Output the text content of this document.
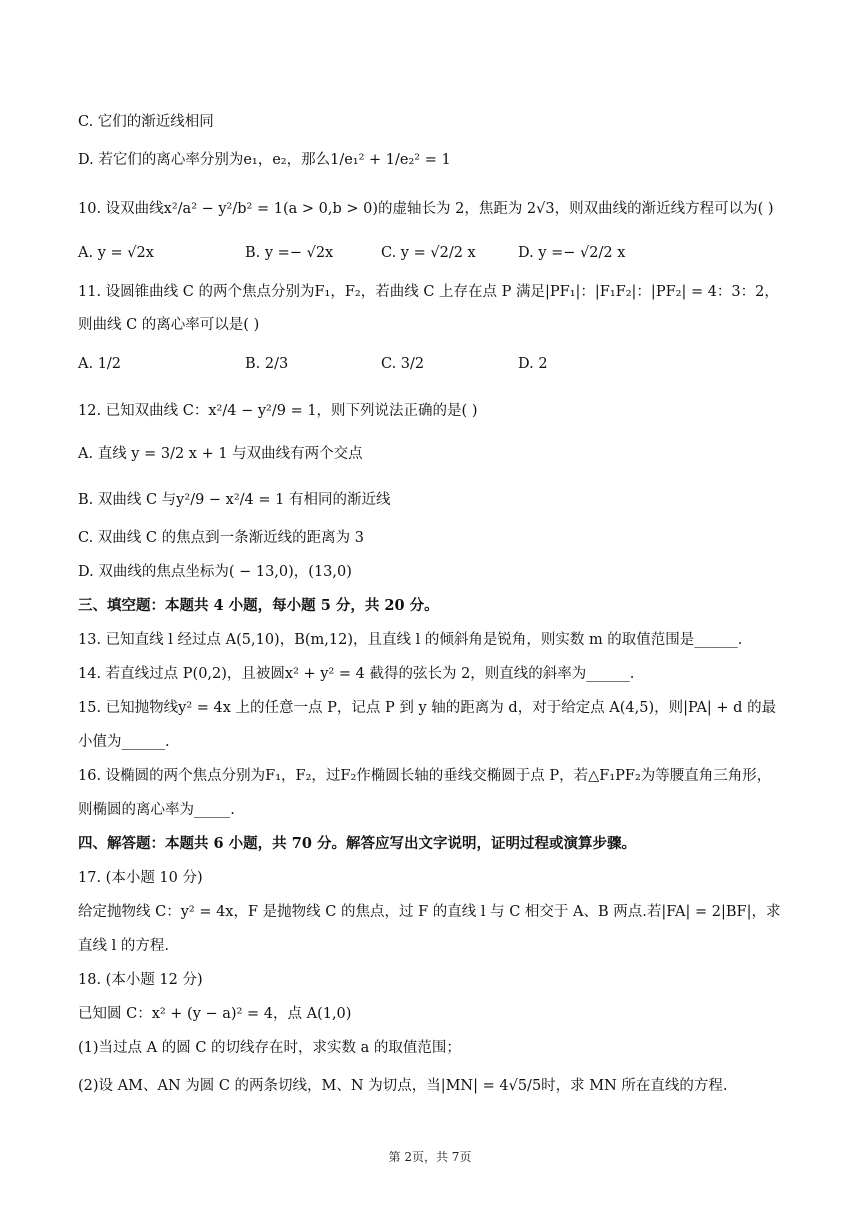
C. 它们的渐近线相同
D. 若它们的离心率分别为e₁，e₂，那么1/e₁² + 1/e₂² = 1
10. 设双曲线x²/a² − y²/b² = 1(a > 0,b > 0)的虚轴长为 2，焦距为 2√3，则双曲线的渐近线方程可以为( )
A. y = √2x	B. y =− √2x	C. y = √2/2 x	D. y =− √2/2 x
11. 设圆锥曲线 C 的两个焦点分别为F₁，F₂，若曲线 C 上存在点 P 满足|PF₁|：|F₁F₂|：|PF₂| = 4：3：2，
则曲线 C 的离心率可以是( )
A. 1/2	B. 2/3	C. 3/2	D. 2
12. 已知双曲线 C：x²/4 − y²/9 = 1，则下列说法正确的是( )
A. 直线 y = 3/2 x + 1 与双曲线有两个交点
B. 双曲线 C 与y²/9 − x²/4 = 1 有相同的渐近线
C. 双曲线 C 的焦点到一条渐近线的距离为 3
D. 双曲线的焦点坐标为( − 13,0)，(13,0)
三、填空题：本题共 4 小题，每小题 5 分，共 20 分。
13. 已知直线 l 经过点 A(5,10)，B(m,12)，且直线 l 的倾斜角是锐角，则实数 m 的取值范围是______.
14. 若直线过点 P(0,2)，且被圆x² + y² = 4 截得的弦长为 2，则直线的斜率为______.
15. 已知抛物线y² = 4x 上的任意一点 P，记点 P 到 y 轴的距离为 d，对于给定点 A(4,5)，则|PA| + d 的最
小值为______.
16. 设椭圆的两个焦点分别为F₁，F₂，过F₂作椭圆长轴的垂线交椭圆于点 P，若△F₁PF₂为等腰直角三角形，
则椭圆的离心率为_____.
四、解答题：本题共 6 小题，共 70 分。解答应写出文字说明，证明过程或演算步骤。
17. (本小题 10 分)
给定抛物线 C：y² = 4x，F 是抛物线 C 的焦点，过 F 的直线 l 与 C 相交于 A、B 两点.若|FA| = 2|BF|，求
直线 l 的方程.
18. (本小题 12 分)
已知圆 C：x² + (y − a)² = 4，点 A(1,0)
(1)当过点 A 的圆 C 的切线存在时，求实数 a 的取值范围；
(2)设 AM、AN 为圆 C 的两条切线，M、N 为切点，当|MN| = 4√5/5时，求 MN 所在直线的方程.
第 2页，共 7页
